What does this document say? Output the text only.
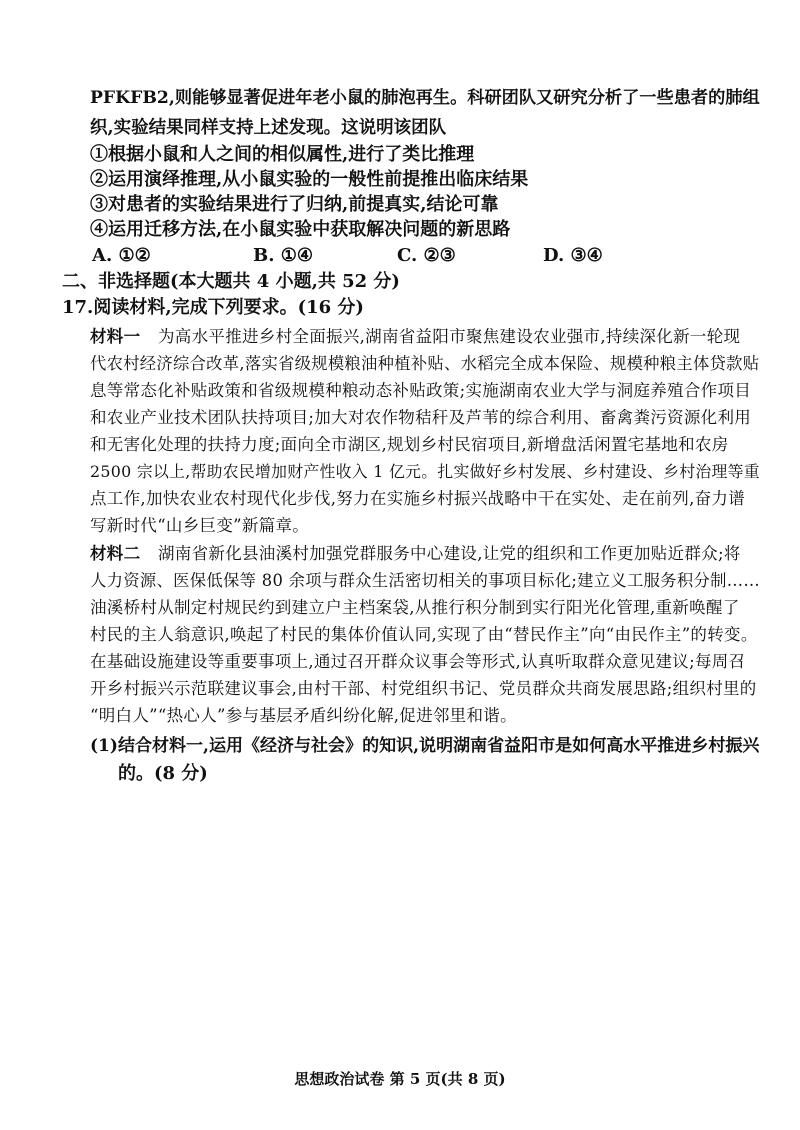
PFKFB2,则能够显著促进年老小鼠的肺泡再生。科研团队又研究分析了一些患者的肺组
织,实验结果同样支持上述发现。这说明该团队
①根据小鼠和人之间的相似属性,进行了类比推理
②运用演绎推理,从小鼠实验的一般性前提推出临床结果
③对患者的实验结果进行了归纳,前提真实,结论可靠
④运用迁移方法,在小鼠实验中获取解决问题的新思路
A. ①②	B. ①④	C. ②③	D. ③④
二、非选择题(本大题共 4 小题,共 52 分)
17.阅读材料,完成下列要求。(16 分)
材料一 为高水平推进乡村全面振兴,湖南省益阳市聚焦建设农业强市,持续深化新一轮现
代农村经济综合改革,落实省级规模粮油种植补贴、水稻完全成本保险、规模种粮主体贷款贴
息等常态化补贴政策和省级规模种粮动态补贴政策;实施湖南农业大学与洞庭养殖合作项目
和农业产业技术团队扶持项目;加大对农作物秸秆及芦苇的综合利用、畜禽粪污资源化利用
和无害化处理的扶持力度;面向全市湖区,规划乡村民宿项目,新增盘活闲置宅基地和农房
2500 宗以上,帮助农民增加财产性收入 1 亿元。扎实做好乡村发展、乡村建设、乡村治理等重
点工作,加快农业农村现代化步伐,努力在实施乡村振兴战略中干在实处、走在前列,奋力谱
写新时代“山乡巨变”新篇章。
材料二 湖南省新化县油溪村加强党群服务中心建设,让党的组织和工作更加贴近群众;将
人力资源、医保低保等 80 余项与群众生活密切相关的事项目标化;建立义工服务积分制……
油溪桥村从制定村规民约到建立户主档案袋,从推行积分制到实行阳光化管理,重新唤醒了
村民的主人翁意识,唤起了村民的集体价值认同,实现了由“替民作主”向“由民作主”的转变。
在基础设施建设等重要事项上,通过召开群众议事会等形式,认真听取群众意见建议;每周召
开乡村振兴示范联建议事会,由村干部、村党组织书记、党员群众共商发展思路;组织村里的
“明白人”“热心人”参与基层矛盾纠纷化解,促进邻里和谐。
(1)结合材料一,运用《经济与社会》的知识,说明湖南省益阳市是如何高水平推进乡村振兴
的。(8 分)
思想政治试卷 第 5 页(共 8 页)
